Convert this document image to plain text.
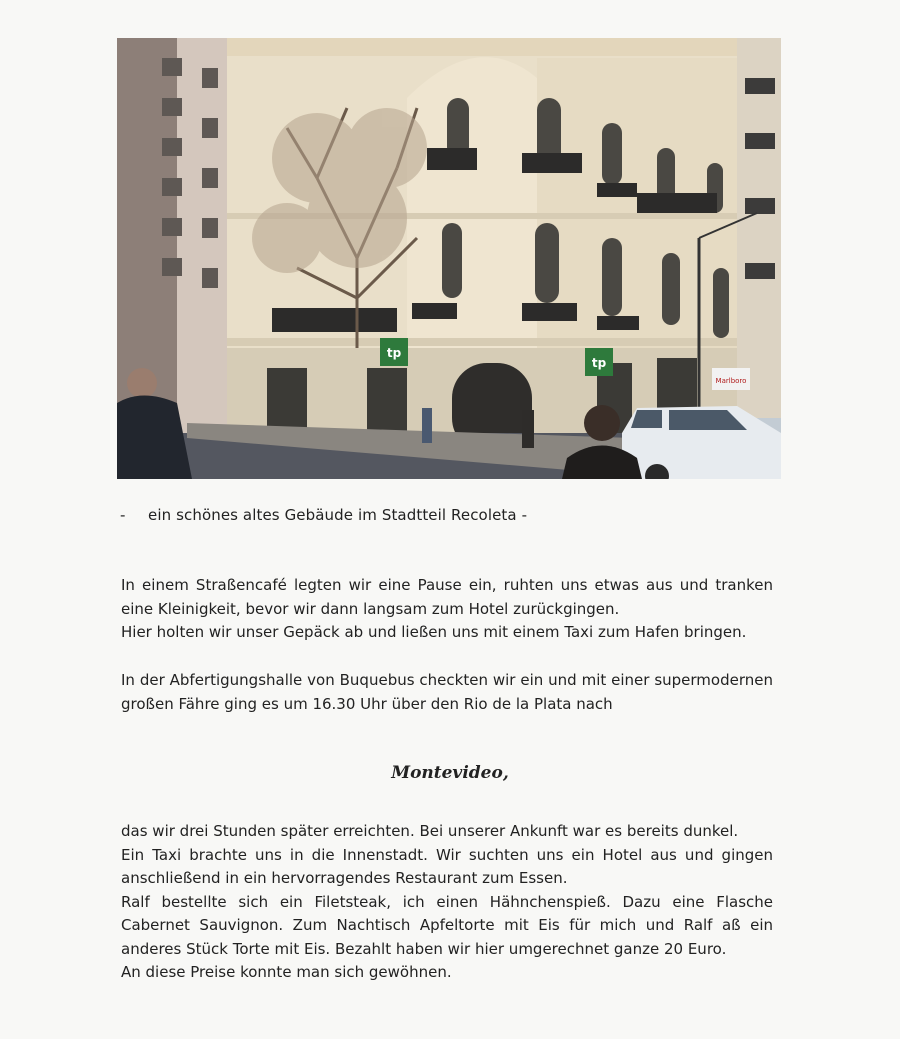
tp
tp
Marlboro
- ein schönes altes Gebäude im Stadtteil Recoleta -

In einem Straßencafé legten wir eine Pause ein, ruhten uns etwas aus und tranken eine Kleinigkeit, bevor wir dann langsam zum Hotel zurückgingen.

Hier holten wir unser Gepäck ab und ließen uns mit einem Taxi zum Hafen bringen.

In der Abfertigungshalle von Buquebus checkten wir ein und mit einer supermodernen großen Fähre ging es um 16.30 Uhr über den Rio de la Plata nach

Montevideo,

das wir drei Stunden später erreichten. Bei unserer Ankunft war es bereits dunkel.

Ein Taxi brachte uns in die Innenstadt. Wir suchten uns ein Hotel aus und gingen anschließend in ein hervorragendes Restaurant zum Essen.

Ralf bestellte sich ein Filetsteak, ich einen Hähnchenspieß. Dazu eine Flasche Cabernet Sauvignon. Zum Nachtisch Apfeltorte mit Eis für mich und Ralf aß ein anderes Stück Torte mit Eis. Bezahlt haben wir hier umgerechnet ganze 20 Euro.

An diese Preise konnte man sich gewöhnen.
